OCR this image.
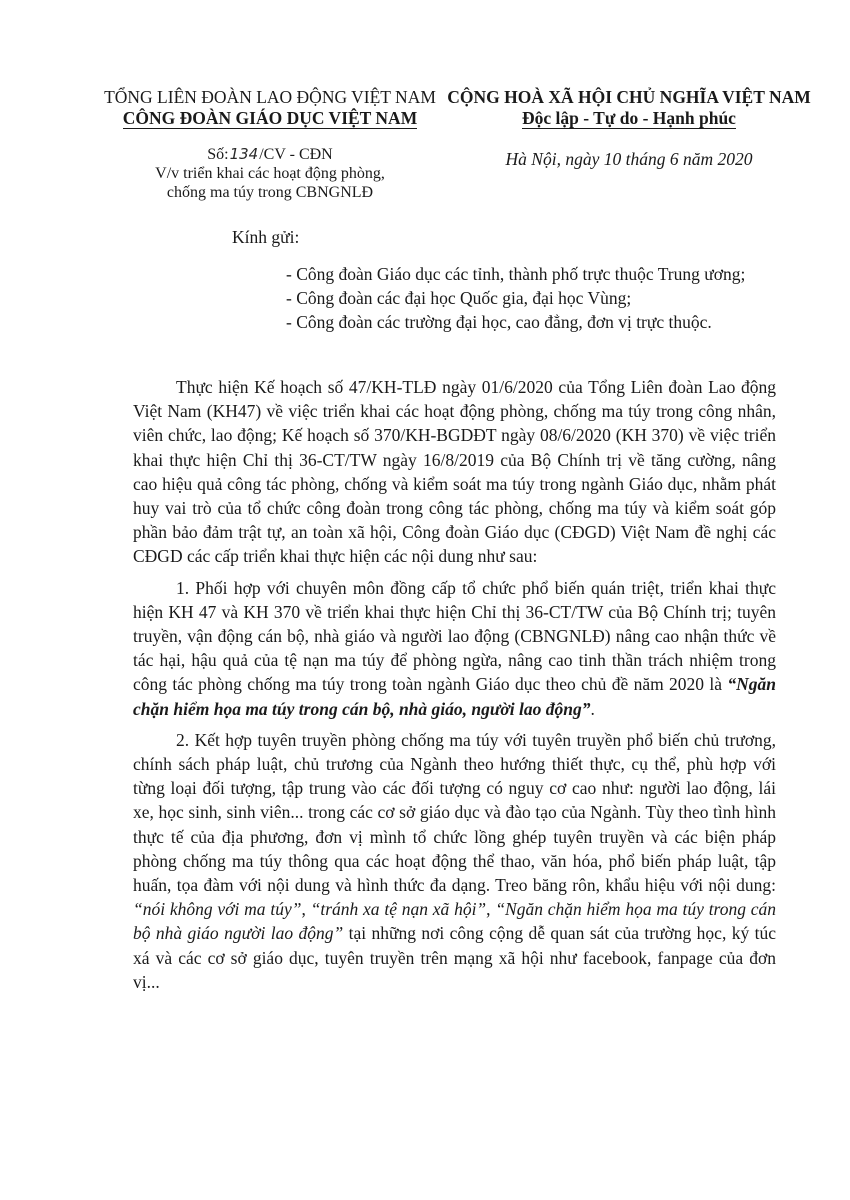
TỔNG LIÊN ĐOÀN LAO ĐỘNG VIỆT NAM
CÔNG ĐOÀN GIÁO DỤC VIỆT NAM
CỘNG HOÀ XÃ HỘI CHỦ NGHĨA VIỆT NAM
Độc lập - Tự do - Hạnh phúc
Số:134/CV - CĐN
V/v triển khai các hoạt động phòng,
chống ma túy trong CBNGNLĐ
Hà Nội, ngày 10 tháng 6 năm 2020
Kính gửi:
- Công đoàn Giáo dục các tỉnh, thành phố trực thuộc Trung ương;
- Công đoàn các đại học Quốc gia, đại học Vùng;
- Công đoàn các trường đại học, cao đẳng, đơn vị trực thuộc.

Thực hiện Kế hoạch số 47/KH-TLĐ ngày 01/6/2020 của Tổng Liên đoàn Lao động Việt Nam (KH47) về việc triển khai các hoạt động phòng, chống ma túy trong công nhân, viên chức, lao động; Kế hoạch số 370/KH-BGDĐT ngày 08/6/2020 (KH 370) về việc triển khai thực hiện Chỉ thị 36-CT/TW ngày 16/8/2019 của Bộ Chính trị về tăng cường, nâng cao hiệu quả công tác phòng, chống và kiểm soát ma túy trong ngành Giáo dục, nhằm phát huy vai trò của tổ chức công đoàn trong công tác phòng, chống ma túy và kiểm soát góp phần bảo đảm trật tự, an toàn xã hội, Công đoàn Giáo dục (CĐGD) Việt Nam đề nghị các CĐGD các cấp triển khai thực hiện các nội dung như sau:

1. Phối hợp với chuyên môn đồng cấp tổ chức phổ biến quán triệt, triển khai thực hiện KH 47 và KH 370 về triển khai thực hiện Chỉ thị 36-CT/TW của Bộ Chính trị; tuyên truyền, vận động cán bộ, nhà giáo và người lao động (CBNGNLĐ) nâng cao nhận thức về tác hại, hậu quả của tệ nạn ma túy để phòng ngừa, nâng cao tinh thần trách nhiệm trong công tác phòng chống ma túy trong toàn ngành Giáo dục theo chủ đề năm 2020 là “Ngăn chặn hiểm họa ma túy trong cán bộ, nhà giáo, người lao động”.

2. Kết hợp tuyên truyền phòng chống ma túy với tuyên truyền phổ biến chủ trương, chính sách pháp luật, chủ trương của Ngành theo hướng thiết thực, cụ thể, phù hợp với từng loại đối tượng, tập trung vào các đối tượng có nguy cơ cao như: người lao động, lái xe, học sinh, sinh viên... trong các cơ sở giáo dục và đào tạo của Ngành. Tùy theo tình hình thực tế của địa phương, đơn vị mình tổ chức lồng ghép tuyên truyền và các biện pháp phòng chống ma túy thông qua các hoạt động thể thao, văn hóa, phổ biến pháp luật, tập huấn, tọa đàm với nội dung và hình thức đa dạng. Treo băng rôn, khẩu hiệu với nội dung: “nói không với ma túy”, “tránh xa tệ nạn xã hội”, “Ngăn chặn hiểm họa ma túy trong cán bộ nhà giáo người lao động” tại những nơi công cộng dễ quan sát của trường học, ký túc xá và các cơ sở giáo dục, tuyên truyền trên mạng xã hội như facebook, fanpage của đơn vị...
